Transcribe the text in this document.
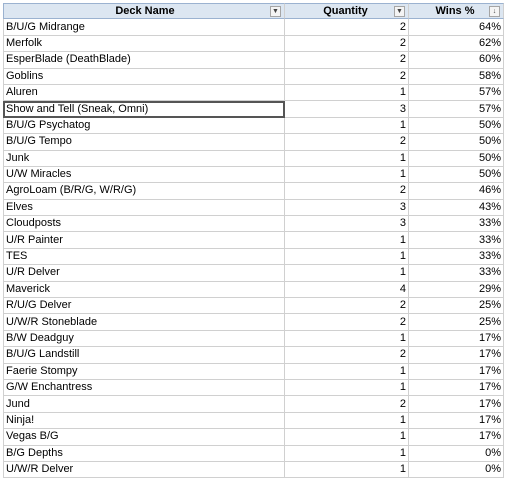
Deck Name	▼	Quantity	▼	Wins %	↓
B/U/G Midrange	2	64%
Merfolk	2	62%
EsperBlade (DeathBlade)	2	60%
Goblins	2	58%
Aluren	1	57%
Show and Tell (Sneak, Omni)	3	57%
B/U/G Psychatog	1	50%
B/U/G Tempo	2	50%
Junk	1	50%
U/W Miracles	1	50%
AgroLoam (B/R/G, W/R/G)	2	46%
Elves	3	43%
Cloudposts	3	33%
U/R Painter	1	33%
TES	1	33%
U/R Delver	1	33%
Maverick	4	29%
R/U/G Delver	2	25%
U/W/R Stoneblade	2	25%
B/W Deadguy	1	17%
B/U/G Landstill	2	17%
Faerie Stompy	1	17%
G/W Enchantress	1	17%
Jund	2	17%
Ninja!	1	17%
Vegas B/G	1	17%
B/G Depths	1	0%
U/W/R Delver	1	0%
